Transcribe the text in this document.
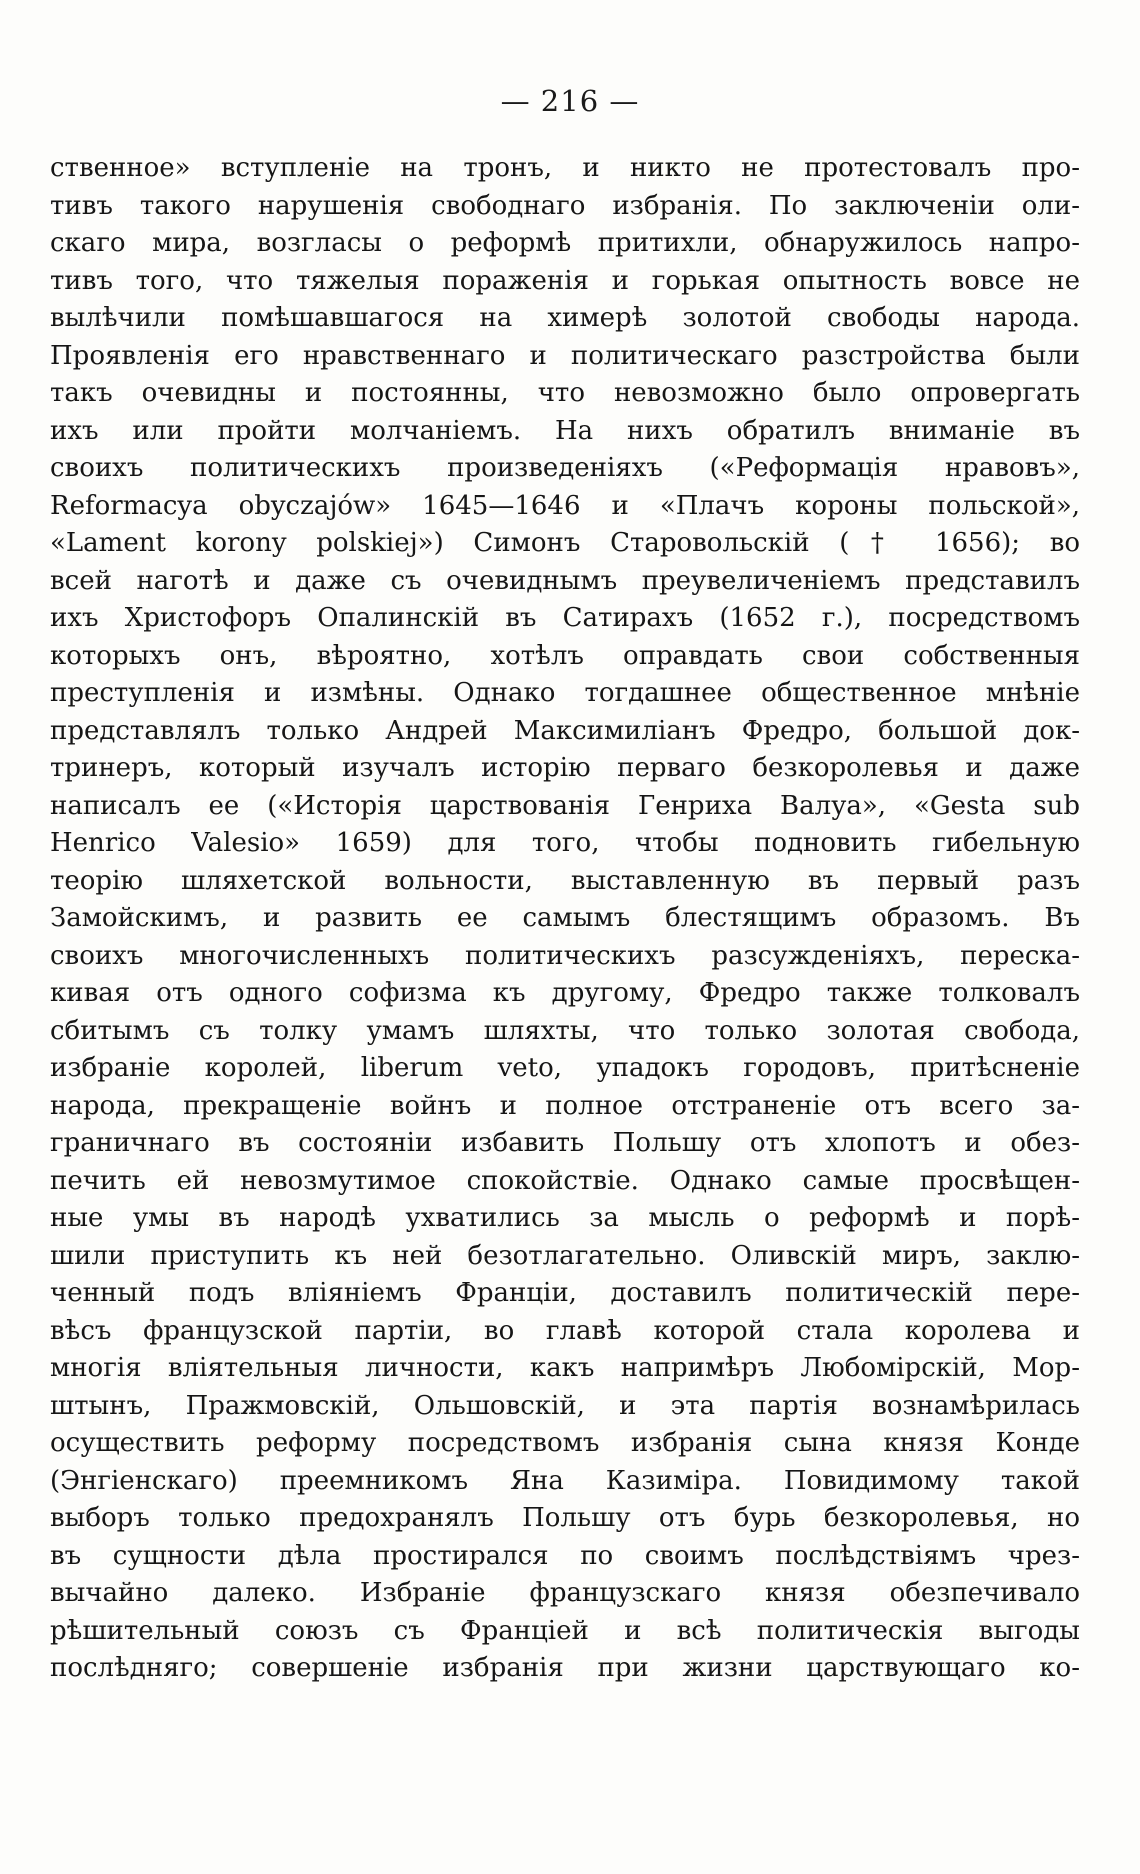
— 216 —
ственное» вступленіе на тронъ, и никто не протестовалъ про-
тивъ такого нарушенія свободнаго избранія. По заключеніи оли-
скаго мира, возгласы о реформѣ притихли, обнаружилось напро-
тивъ того, что тяжелыя пораженія и горькая опытность вовсе не
вылѣчили помѣшавшагося на химерѣ золотой свободы народа.
Проявленія его нравственнаго и политическаго разстройства были
такъ очевидны и постоянны, что невозможно было опровергать
ихъ или пройти молчаніемъ. На нихъ обратилъ вниманіе въ
своихъ политическихъ произведеніяхъ («Реформація нравовъ»,
Reformacya obyczajów» 1645—1646 и «Плачъ короны польской»,
«Lament korony polskiej») Симонъ Старовольскій († 1656); во
всей наготѣ и даже съ очевиднымъ преувеличеніемъ представилъ
ихъ Христофоръ Опалинскій въ Сатирахъ (1652 г.), посредствомъ
которыхъ онъ, вѣроятно, хотѣлъ оправдать свои собственныя
преступленія и измѣны. Однако тогдашнее общественное мнѣніе
представлялъ только Андрей Максимиліанъ Фредро, большой док-
тринеръ, который изучалъ исторію перваго безкоролевья и даже
написалъ ее («Исторія царствованія Генриха Валуа», «Gesta sub
Henrico Valesio» 1659) для того, чтобы подновить гибельную
теорію шляхетской вольности, выставленную въ первый разъ
Замойскимъ, и развить ее самымъ блестящимъ образомъ. Въ
своихъ многочисленныхъ политическихъ разсужденіяхъ, переска-
кивая отъ одного софизма къ другому, Фредро также толковалъ
сбитымъ съ толку умамъ шляхты, что только золотая свобода,
избраніе королей, liberum veto, упадокъ городовъ, притѣсненіе
народа, прекращеніе войнъ и полное отстраненіе отъ всего за-
граничнаго въ состояніи избавить Польшу отъ хлопотъ и обез-
печить ей невозмутимое спокойствіе. Однако самые просвѣщен-
ные умы въ народѣ ухватились за мысль о реформѣ и порѣ-
шили приступить къ ней безотлагательно. Оливскій миръ, заклю-
ченный подъ вліяніемъ Франціи, доставилъ политическій пере-
вѣсъ французской партіи, во главѣ которой стала королева и
многія вліятельныя личности, какъ напримѣръ Любомірскій, Мор-
штынъ, Пражмовскій, Ольшовскій, и эта партія вознамѣрилась
осуществить реформу посредствомъ избранія сына князя Конде
(Энгіенскаго) преемникомъ Яна Казиміра. Повидимому такой
выборъ только предохранялъ Польшу отъ бурь безкоролевья, но
въ сущности дѣла простирался по своимъ послѣдствіямъ чрез-
вычайно далеко. Избраніе французскаго князя обезпечивало
рѣшительный союзъ съ Франціей и всѣ политическія выгоды
послѣдняго; совершеніе избранія при жизни царствующаго ко-
